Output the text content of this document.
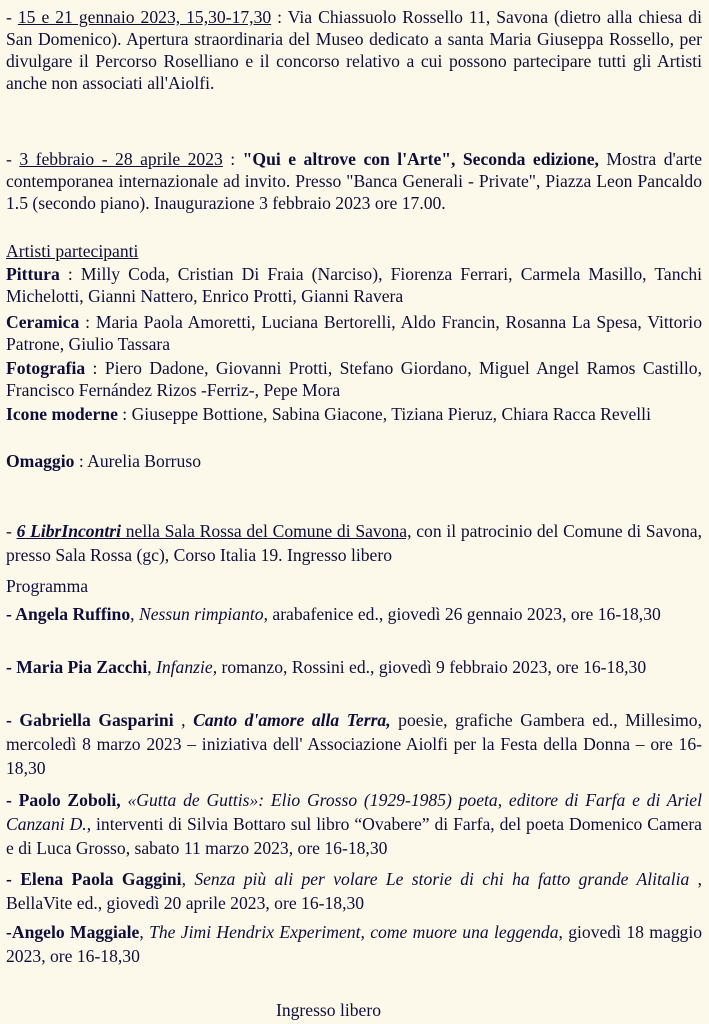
- 15 e 21 gennaio 2023, 15,30-17,30 : Via Chiassuolo Rossello 11, Savona (dietro alla chiesa di San Domenico). Apertura straordinaria del Museo dedicato a santa Maria Giuseppa Rossello, per divulgare il Percorso Roselliano e il concorso relativo a cui possono partecipare tutti gli Artisti anche non associati all'Aiolfi.

- 3 febbraio - 28 aprile 2023 : "Qui e altrove con l'Arte", Seconda edizione, Mostra d'arte contemporanea internazionale ad invito. Presso "Banca Generali - Private", Piazza Leon Pancaldo 1.5 (secondo piano). Inaugurazione 3 febbraio 2023 ore 17.00.

Artisti partecipanti

Pittura : Milly Coda, Cristian Di Fraia (Narciso), Fiorenza Ferrari, Carmela Masillo, Tanchi Michelotti, Gianni Nattero, Enrico Protti, Gianni Ravera

Ceramica : Maria Paola Amoretti, Luciana Bertorelli, Aldo Francin, Rosanna La Spesa, Vittorio Patrone, Giulio Tassara

Fotografia : Piero Dadone, Giovanni Protti, Stefano Giordano, Miguel Angel Ramos Castillo, Francisco Fernández Rizos -Ferriz-, Pepe Mora

Icone moderne : Giuseppe Bottione, Sabina Giacone, Tiziana Pieruz, Chiara Racca Revelli

Omaggio : Aurelia Borruso

- 6 LibrIncontri nella Sala Rossa del Comune di Savona, con il patrocinio del Comune di Savona, presso Sala Rossa (gc), Corso Italia 19. Ingresso libero

Programma

- Angela Ruffino, Nessun rimpianto, arabafenice ed., giovedì 26 gennaio 2023, ore 16-18,30

- Maria Pia Zacchi, Infanzie, romanzo, Rossini ed., giovedì 9 febbraio 2023, ore 16-18,30

- Gabriella Gasparini , Canto d'amore alla Terra, poesie, grafiche Gambera ed., Millesimo, mercoledì 8 marzo 2023 – iniziativa dell' Associazione Aiolfi per la Festa della Donna – ore 16-18,30

- Paolo Zoboli, «Gutta de Guttis»: Elio Grosso (1929-1985) poeta, editore di Farfa e di Ariel Canzani D., interventi di Silvia Bottaro sul libro “Ovabere” di Farfa, del poeta Domenico Camera e di Luca Grosso, sabato 11 marzo 2023, ore 16-18,30

- Elena Paola Gaggini, Senza più ali per volare Le storie di chi ha fatto grande Alitalia , BellaVite ed., giovedì 20 aprile 2023, ore 16-18,30

-Angelo Maggiale, The Jimi Hendrix Experiment, come muore una leggenda, giovedì 18 maggio 2023, ore 16-18,30

Ingresso libero
